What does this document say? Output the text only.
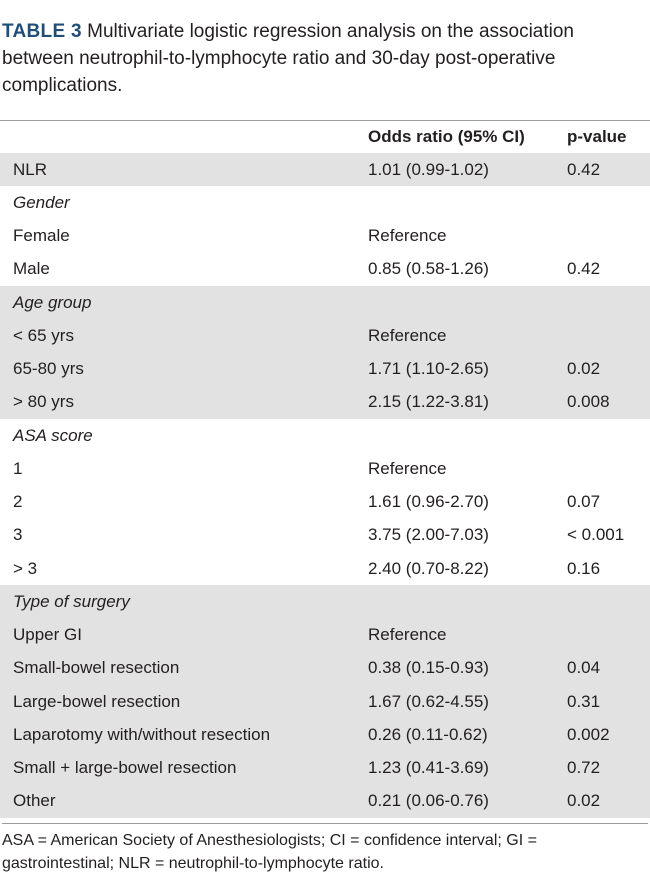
TABLE 3 Multivariate logistic regression analysis on the association between neutrophil-to-lymphocyte ratio and 30-day post-operative complications.
	Odds ratio (95% CI)	p-value
NLR	1.01 (0.99-1.02)	0.42
Gender		
Female	Reference	
Male	0.85 (0.58-1.26)	0.42
Age group		
< 65 yrs	Reference	
65-80 yrs	1.71 (1.10-2.65)	0.02
> 80 yrs	2.15 (1.22-3.81)	0.008
ASA score		
1	Reference	
2	1.61 (0.96-2.70)	0.07
3	3.75 (2.00-7.03)	< 0.001
> 3	2.40 (0.70-8.22)	0.16
Type of surgery		
Upper GI	Reference	
Small-bowel resection	0.38 (0.15-0.93)	0.04
Large-bowel resection	1.67 (0.62-4.55)	0.31
Laparotomy with/without resection	0.26 (0.11-0.62)	0.002
Small + large-bowel resection	1.23 (0.41-3.69)	0.72
Other	0.21 (0.06-0.76)	0.02
ASA = American Society of Anesthesiologists; CI = confidence interval; GI = gastrointestinal; NLR = neutrophil-to-lymphocyte ratio.
